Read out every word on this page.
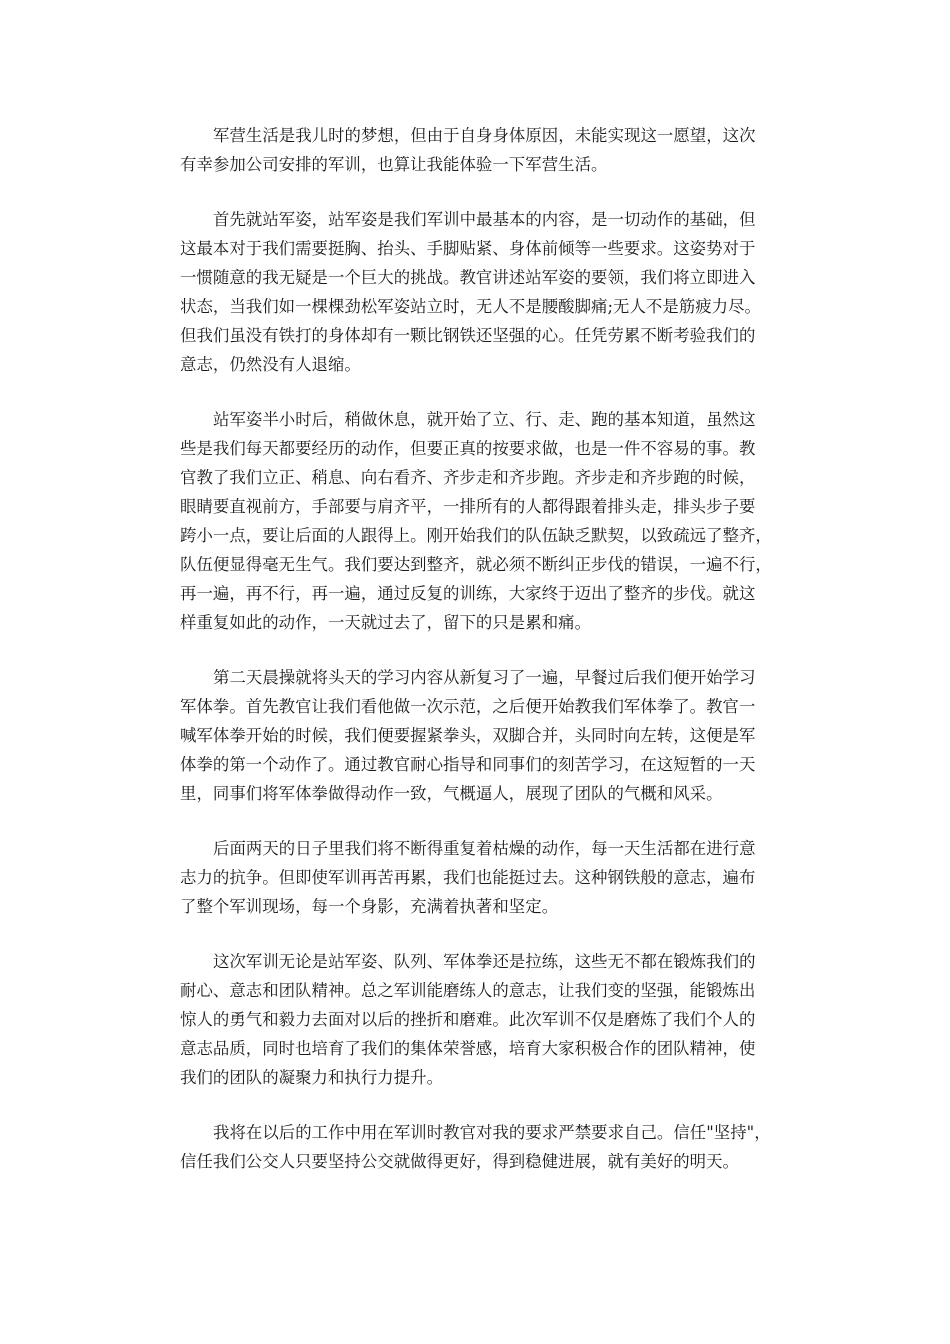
军营生活是我儿时的梦想，但由于自身身体原因，未能实现这一愿望，这次
有幸参加公司安排的军训，也算让我能体验一下军营生活。

首先就站军姿，站军姿是我们军训中最基本的内容，是一切动作的基础，但
这最本对于我们需要挺胸、抬头、手脚贴紧、身体前倾等一些要求。这姿势对于
一惯随意的我无疑是一个巨大的挑战。教官讲述站军姿的要领，我们将立即进入
状态，当我们如一棵棵劲松军姿站立时，无人不是腰酸脚痛;无人不是筋疲力尽。
但我们虽没有铁打的身体却有一颗比钢铁还坚强的心。任凭劳累不断考验我们的
意志，仍然没有人退缩。

站军姿半小时后，稍做休息，就开始了立、行、走、跑的基本知道，虽然这
些是我们每天都要经历的动作，但要正真的按要求做，也是一件不容易的事。教
官教了我们立正、稍息、向右看齐、齐步走和齐步跑。齐步走和齐步跑的时候，
眼睛要直视前方，手部要与肩齐平，一排所有的人都得跟着排头走，排头步子要
跨小一点，要让后面的人跟得上。刚开始我们的队伍缺乏默契，以致疏远了整齐，
队伍便显得毫无生气。我们要达到整齐，就必须不断纠正步伐的错误，一遍不行，
再一遍，再不行，再一遍，通过反复的训练，大家终于迈出了整齐的步伐。就这
样重复如此的动作，一天就过去了，留下的只是累和痛。

第二天晨操就将头天的学习内容从新复习了一遍，早餐过后我们便开始学习
军体拳。首先教官让我们看他做一次示范，之后便开始教我们军体拳了。教官一
喊军体拳开始的时候，我们便要握紧拳头，双脚合并，头同时向左转，这便是军
体拳的第一个动作了。通过教官耐心指导和同事们的刻苦学习，在这短暂的一天
里，同事们将军体拳做得动作一致，气概逼人，展现了团队的气概和风采。

后面两天的日子里我们将不断得重复着枯燥的动作，每一天生活都在进行意
志力的抗争。但即使军训再苦再累，我们也能挺过去。这种钢铁般的意志，遍布
了整个军训现场，每一个身影，充满着执著和坚定。

这次军训无论是站军姿、队列、军体拳还是拉练，这些无不都在锻炼我们的
耐心、意志和团队精神。总之军训能磨练人的意志，让我们变的坚强，能锻炼出
惊人的勇气和毅力去面对以后的挫折和磨难。此次军训不仅是磨炼了我们个人的
意志品质，同时也培育了我们的集体荣誉感，培育大家积极合作的团队精神，使
我们的团队的凝聚力和执行力提升。

我将在以后的工作中用在军训时教官对我的要求严禁要求自己。信任"坚持"，
信任我们公交人只要坚持公交就做得更好，得到稳健进展，就有美好的明天。
